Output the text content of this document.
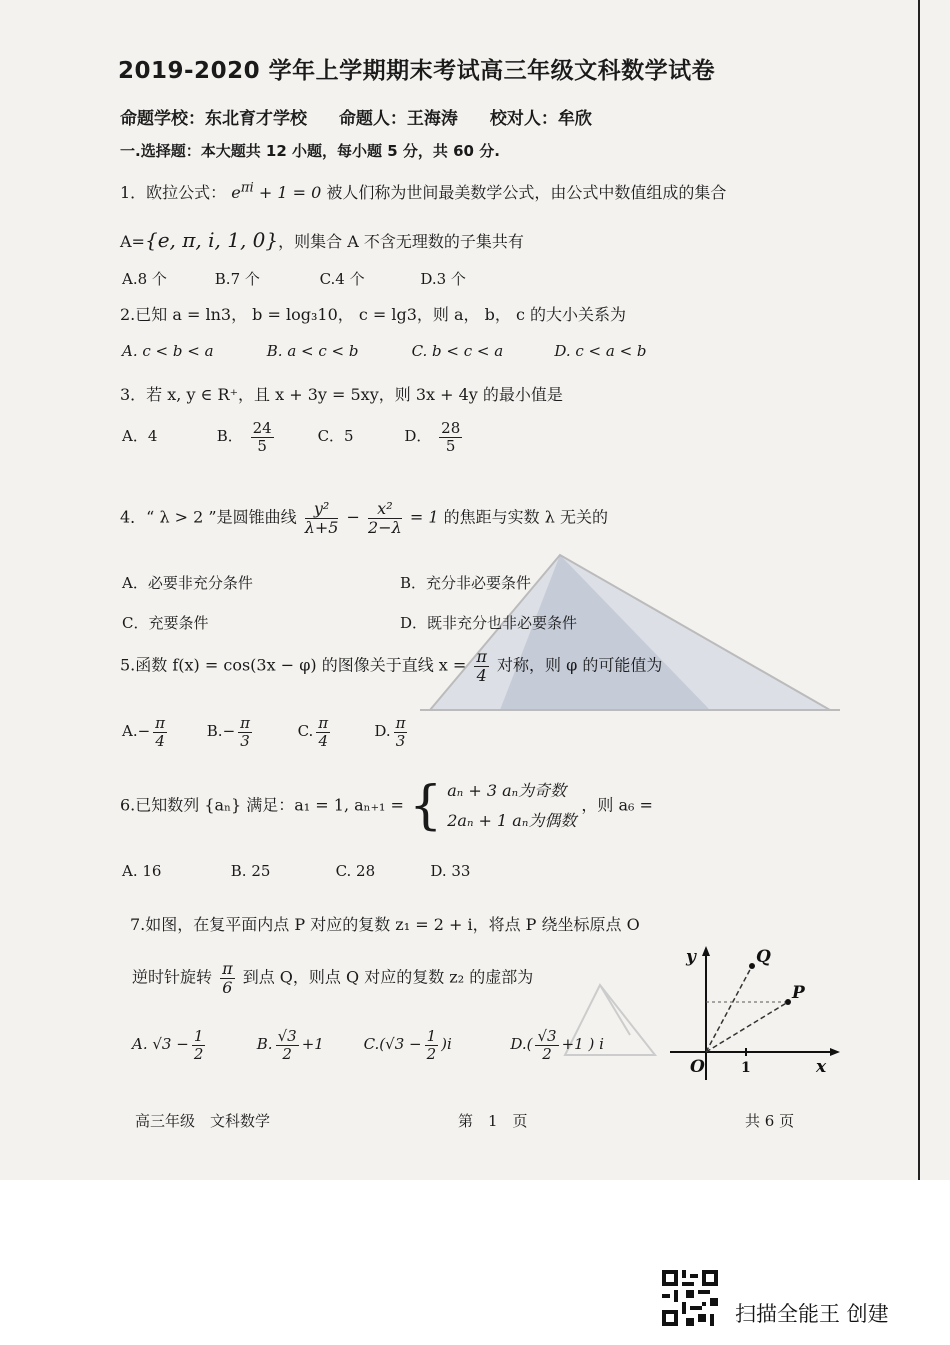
2019-2020 学年上学期期末考试高三年级文科数学试卷
命题学校：东北育才学校 命题人：王海涛 校对人：牟欣
一.选择题：本大题共 12 小题，每小题 5 分，共 60 分.
1．欧拉公式： $e^{\pi i} + 1 = 0$ 被人们称为世间最美数学公式，由公式中数值组成的集合
A={e, π, i, 1, 0}，则集合 A 不含无理数的子集共有
A.8 个	B.7 个	C.4 个	D.3 个
2.已知 a = ln3， b = log₃10， c = lg3，则 a， b， c 的大小关系为
A. c < b < a	B. a < c < b	C. b < c < a	D. c < a < b
3．若 x, y ∈ R⁺，且 x + 3y = 5xy，则 3x + 4y 的最小值是
A．4	B． $\frac{24}{5}$	C．5	D． $\frac{28}{5}$
4．“ λ > 2 ”是圆锥曲线 $\frac{\text{y²}}{\lambda+5} - \frac{\text{x²}}{2-\lambda} = 1$ 的焦距与实数 λ 无关的
A．必要非充分条件	B．充分非必要条件
C．充要条件	D．既非充分也非必要条件
5.函数 f(x) = cos(3x − φ) 的图像关于直线 $x = \frac{\pi}{4}$ 对称，则 φ 的可能值为
$A.- \frac{\pi}{4}$	$B.- \frac{\pi}{3}$	C. $\frac{\pi}{4}$	D. $\frac{\pi}{3}$
6.已知数列 {aₙ} 满足：a₁ = 1, aₙ₊₁ = { aₙ + 3 aₙ为奇数
2aₙ + 1 aₙ为偶数
，则 a₆ =
A. 16	B. 25	C. 28	D. 33
7.如图，在复平面内点 P 对应的复数 z₁ = 2 + i，将点 P 绕坐标原点 O
逆时针旋转 $\frac{\pi}{6}$ 到点 Q，则点 Q 对应的复数 z₂ 的虚部为
A. $√3 - \frac{1}{2}$	B. $\frac{√3}{2} +1$	$C.(√3 - \frac{1}{2} )i$	$D.( \frac{√3}{2} +1$ ) i
y
x
O	1
P
Q
高三年级　文科数学	第　1　页	共 6 页
扫描全能王 创建
